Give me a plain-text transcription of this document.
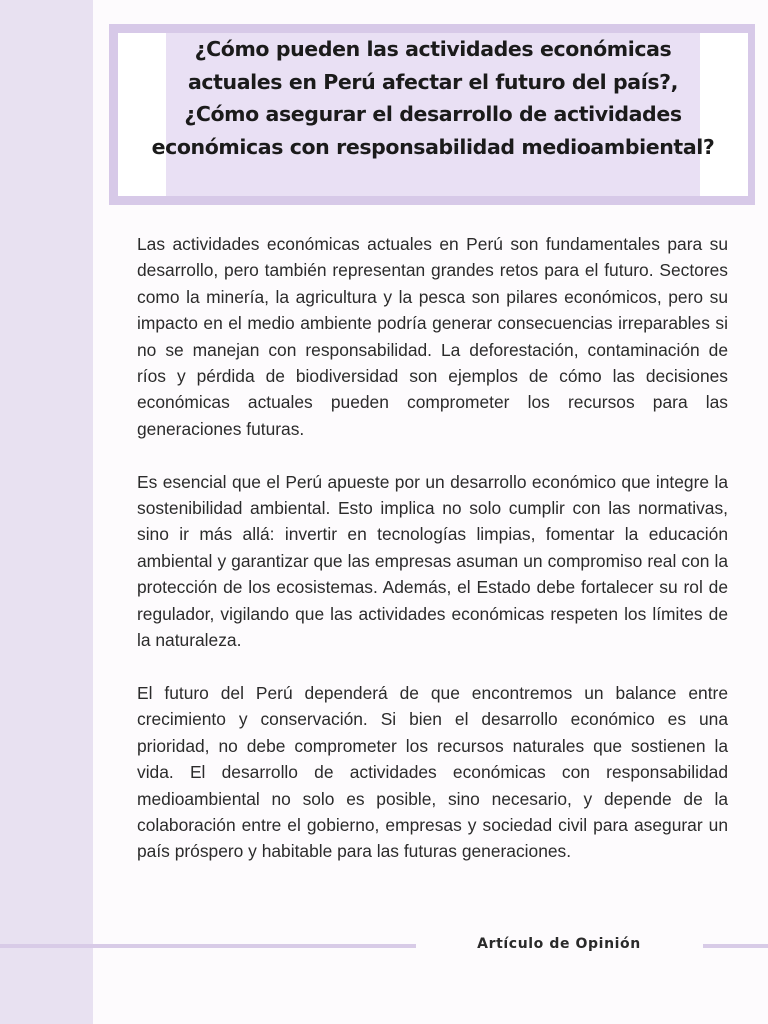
¿Cómo pueden las actividades económicas actuales en Perú afectar el futuro del país?, ¿Cómo asegurar el desarrollo de actividades económicas con responsabilidad medioambiental?

Las actividades económicas actuales en Perú son fundamentales para su desarrollo, pero también representan grandes retos para el futuro. Sectores como la minería, la agricultura y la pesca son pilares económicos, pero su impacto en el medio ambiente podría generar consecuencias irreparables si no se manejan con responsabilidad. La deforestación, contaminación de ríos y pérdida de biodiversidad son ejemplos de cómo las decisiones económicas actuales pueden comprometer los recursos para las generaciones futuras.

Es esencial que el Perú apueste por un desarrollo económico que integre la sostenibilidad ambiental. Esto implica no solo cumplir con las normativas, sino ir más allá: invertir en tecnologías limpias, fomentar la educación ambiental y garantizar que las empresas asuman un compromiso real con la protección de los ecosistemas. Además, el Estado debe fortalecer su rol de regulador, vigilando que las actividades económicas respeten los límites de la naturaleza.

El futuro del Perú dependerá de que encontremos un balance entre crecimiento y conservación. Si bien el desarrollo económico es una prioridad, no debe comprometer los recursos naturales que sostienen la vida. El desarrollo de actividades económicas con responsabilidad medioambiental no solo es posible, sino necesario, y depende de la colaboración entre el gobierno, empresas y sociedad civil para asegurar un país próspero y habitable para las futuras generaciones.

Artículo de Opinión
